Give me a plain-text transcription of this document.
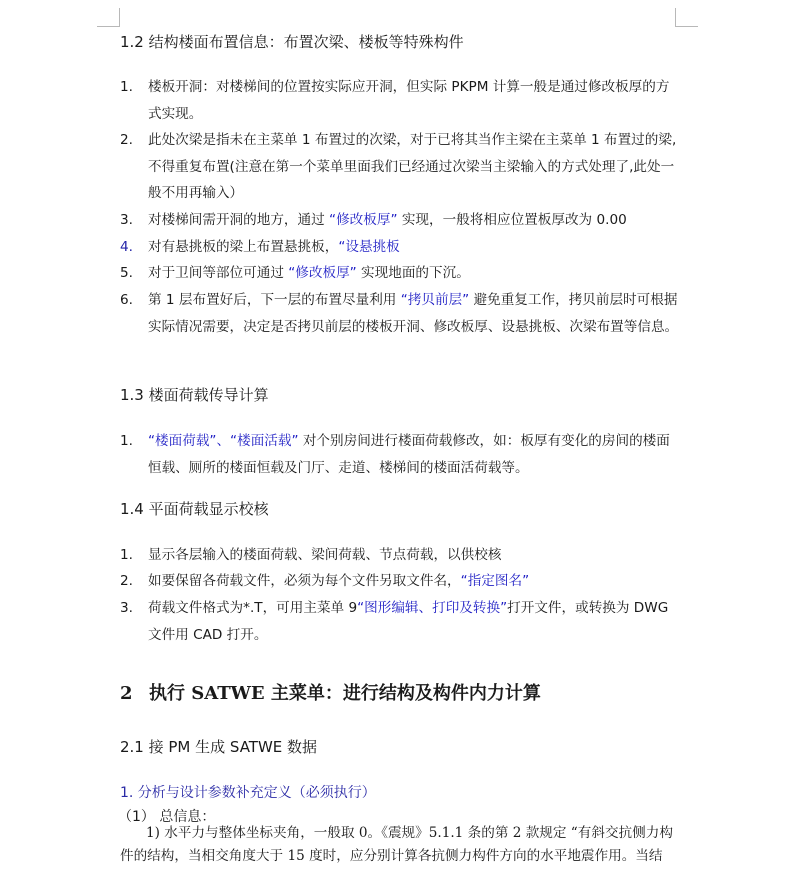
1.2 结构楼面布置信息：布置次梁、楼板等特殊构件
1. 楼板开洞：对楼梯间的位置按实际应开洞，但实际 PKPM 计算一般是通过修改板厚的方式实现。
2. 此处次梁是指未在主菜单 1 布置过的次梁，对于已将其当作主梁在主菜单 1 布置过的梁,不得重复布置(注意在第一个菜单里面我们已经通过次梁当主梁输入的方式处理了,此处一般不用再输入）
3. 对楼梯间需开洞的地方，通过 “修改板厚” 实现，一般将相应位置板厚改为 0.00
4. 对有悬挑板的梁上布置悬挑板，“设悬挑板
5. 对于卫间等部位可通过 “修改板厚” 实现地面的下沉。
6. 第 1 层布置好后，下一层的布置尽量利用 “拷贝前层” 避免重复工作，拷贝前层时可根据实际情况需要，决定是否拷贝前层的楼板开洞、修改板厚、设悬挑板、次梁布置等信息。
1.3 楼面荷载传导计算
1. “楼面荷载”、“楼面活载” 对个别房间进行楼面荷载修改，如：板厚有变化的房间的楼面恒载、厕所的楼面恒载及门厅、走道、楼梯间的楼面活荷载等。
1.4 平面荷载显示校核
1. 显示各层输入的楼面荷载、梁间荷载、节点荷载，以供校核
2. 如要保留各荷载文件，必须为每个文件另取文件名，“指定图名”
3. 荷载文件格式为*.T，可用主菜单 9“图形编辑、打印及转换”打开文件，或转换为 DWG 文件用 CAD 打开。
2 执行 SATWE 主菜单：进行结构及构件内力计算
2.1 接 PM 生成 SATWE 数据
1. 分析与设计参数补充定义（必须执行）
（1） 总信息：
1) 水平力与整体坐标夹角，一般取 0。《震规》5.1.1 条的第 2 款规定 “有斜交抗侧力构
件的结构，当相交角度大于 15 度时，应分别计算各抗侧力构件方向的水平地震作用。当结
